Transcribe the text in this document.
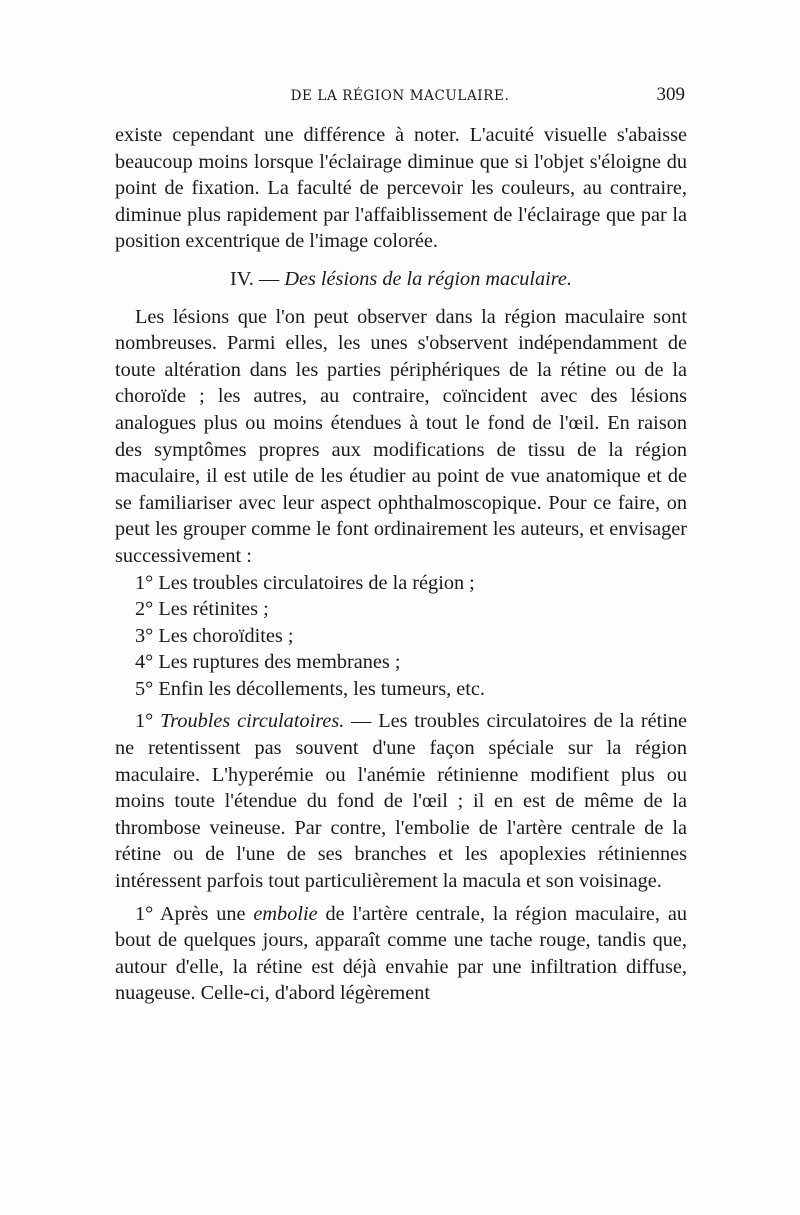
DE LA RÉGION MACULAIRE.	309

existe cependant une différence à noter. L'acuité visuelle s'abaisse beaucoup moins lorsque l'éclairage diminue que si l'objet s'éloigne du point de fixation. La faculté de percevoir les couleurs, au contraire, diminue plus rapidement par l'affaiblissement de l'éclairage que par la position excentrique de l'image colorée.

IV. — Des lésions de la région maculaire.

Les lésions que l'on peut observer dans la région maculaire sont nombreuses. Parmi elles, les unes s'observent indépendamment de toute altération dans les parties périphériques de la rétine ou de la choroïde ; les autres, au contraire, coïncident avec des lésions analogues plus ou moins étendues à tout le fond de l'œil. En raison des symptômes propres aux modifications de tissu de la région maculaire, il est utile de les étudier au point de vue anatomique et de se familiariser avec leur aspect ophthalmoscopique. Pour ce faire, on peut les grouper comme le font ordinairement les auteurs, et envisager successivement :

1° Les troubles circulatoires de la région ;
2° Les rétinites ;
3° Les choroïdites ;
4° Les ruptures des membranes ;
5° Enfin les décollements, les tumeurs, etc.

1° Troubles circulatoires. — Les troubles circulatoires de la rétine ne retentissent pas souvent d'une façon spéciale sur la région maculaire. L'hyperémie ou l'anémie rétinienne modifient plus ou moins toute l'étendue du fond de l'œil ; il en est de même de la thrombose veineuse. Par contre, l'embolie de l'artère centrale de la rétine ou de l'une de ses branches et les apoplexies rétiniennes intéressent parfois tout particulièrement la macula et son voisinage.

1° Après une embolie de l'artère centrale, la région maculaire, au bout de quelques jours, apparaît comme une tache rouge, tandis que, autour d'elle, la rétine est déjà envahie par une infiltration diffuse, nuageuse. Celle-ci, d'abord légèrement
